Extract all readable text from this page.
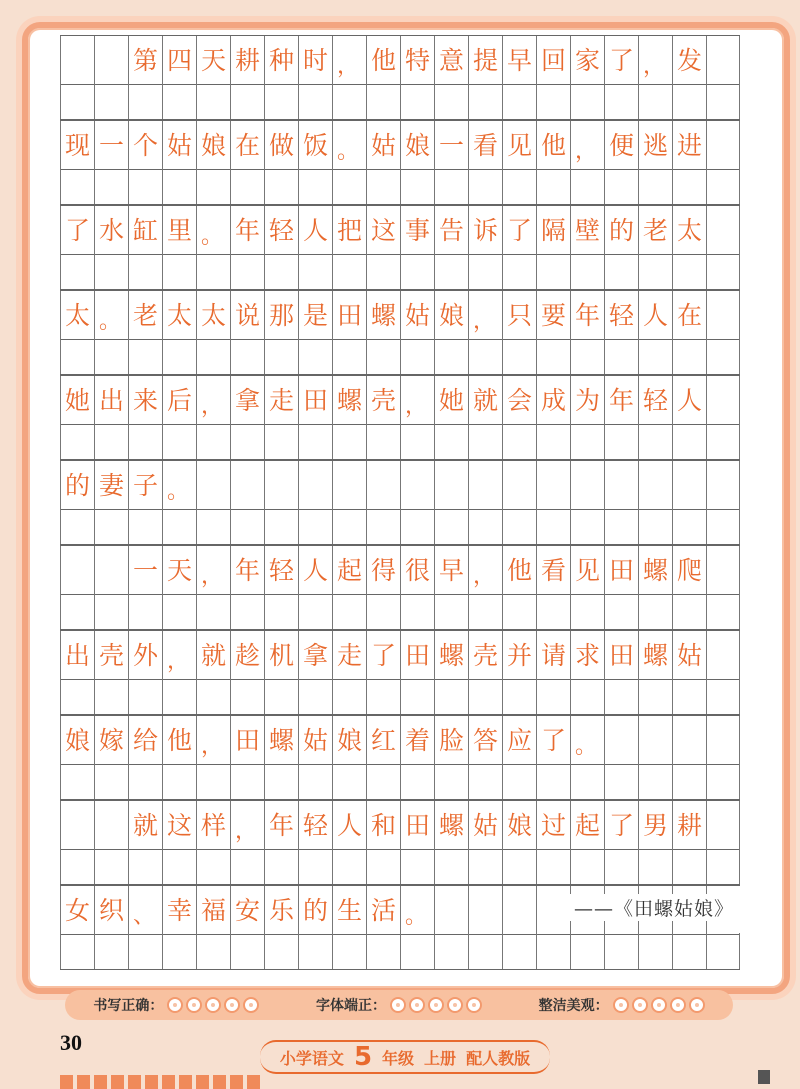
第 四 天 耕 种 时 ， 他 特 意 提 早 回 家 了 ， 发
现 一 个 姑 娘 在 做 饭 。 姑 娘 一 看 见 他 ， 便 逃 进
了 水 缸 里 。 年 轻 人 把 这 事 告 诉 了 隔 壁 的 老 太
太 。 老 太 太 说 那 是 田 螺 姑 娘 ， 只 要 年 轻 人 在
她 出 来 后 ， 拿 走 田 螺 壳 ， 她 就 会 成 为 年 轻 人
的 妻 子 。
一 天 ， 年 轻 人 起 得 很 早 ， 他 看 见 田 螺 爬
出 壳 外 ， 就 趁 机 拿 走 了 田 螺 壳 并 请 求 田 螺 姑
娘 嫁 给 他 ， 田 螺 姑 娘 红 着 脸 答 应 了 。
就 这 样 ， 年 轻 人 和 田 螺 姑 娘 过 起 了 男 耕
女 织 、 幸 福 安 乐 的 生 活 。	——《田螺姑娘》
书写正确：	字体端正：	整洁美观：
30
小学语文 5 年级 上册 配人教版
